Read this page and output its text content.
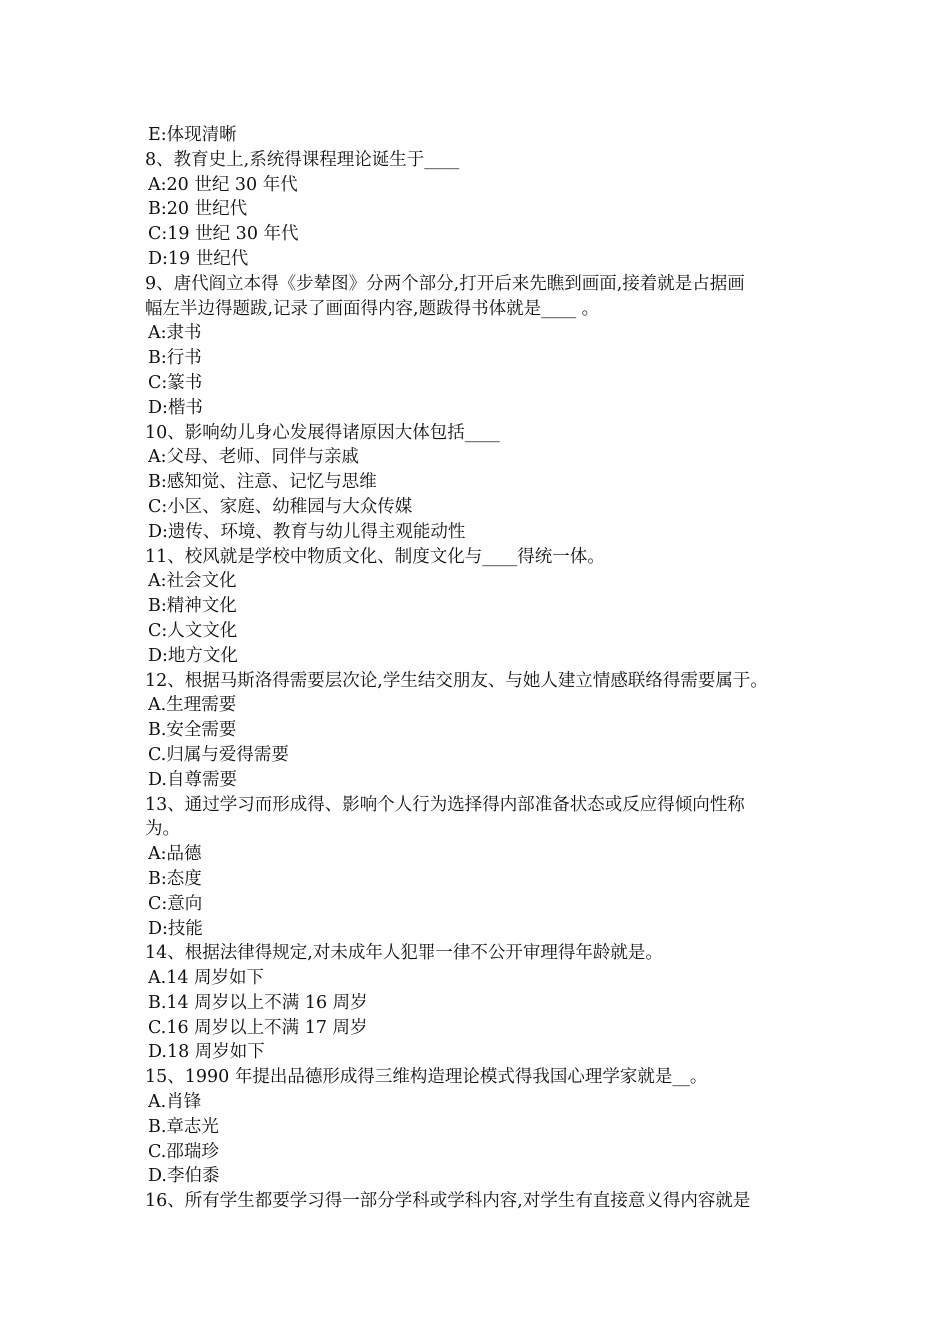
E:体现清晰
8、教育史上,系统得课程理论诞生于____
A:20 世纪 30 年代
B:20 世纪代
C:19 世纪 30 年代
D:19 世纪代
9、唐代阎立本得《步辇图》分两个部分,打开后来先瞧到画面,接着就是占据画
幅左半边得题跋,记录了画面得内容,题跋得书体就是____ 。
A:隶书
B:行书
C:篆书
D:楷书
10、影响幼儿身心发展得诸原因大体包括____
A:父母、老师、同伴与亲戚
B:感知觉、注意、记忆与思维
C:小区、家庭、幼稚园与大众传媒
D:遗传、环境、教育与幼儿得主观能动性
11、校风就是学校中物质文化、制度文化与____得统一体。
A:社会文化
B:精神文化
C:人文文化
D:地方文化
12、根据马斯洛得需要层次论,学生结交朋友、与她人建立情感联络得需要属于。
A.生理需要
B.安全需要
C.归属与爱得需要
D.自尊需要
13、通过学习而形成得、影响个人行为选择得内部准备状态或反应得倾向性称
为。
A:品德
B:态度
C:意向
D:技能
14、根据法律得规定,对未成年人犯罪一律不公开审理得年龄就是。
A.14 周岁如下
B.14 周岁以上不满 16 周岁
C.16 周岁以上不满 17 周岁
D.18 周岁如下
15、1990 年提出品德形成得三维构造理论模式得我国心理学家就是__。
A.肖锋
B.章志光
C.邵瑞珍
D.李伯黍
16、所有学生都要学习得一部分学科或学科内容,对学生有直接意义得内容就是
